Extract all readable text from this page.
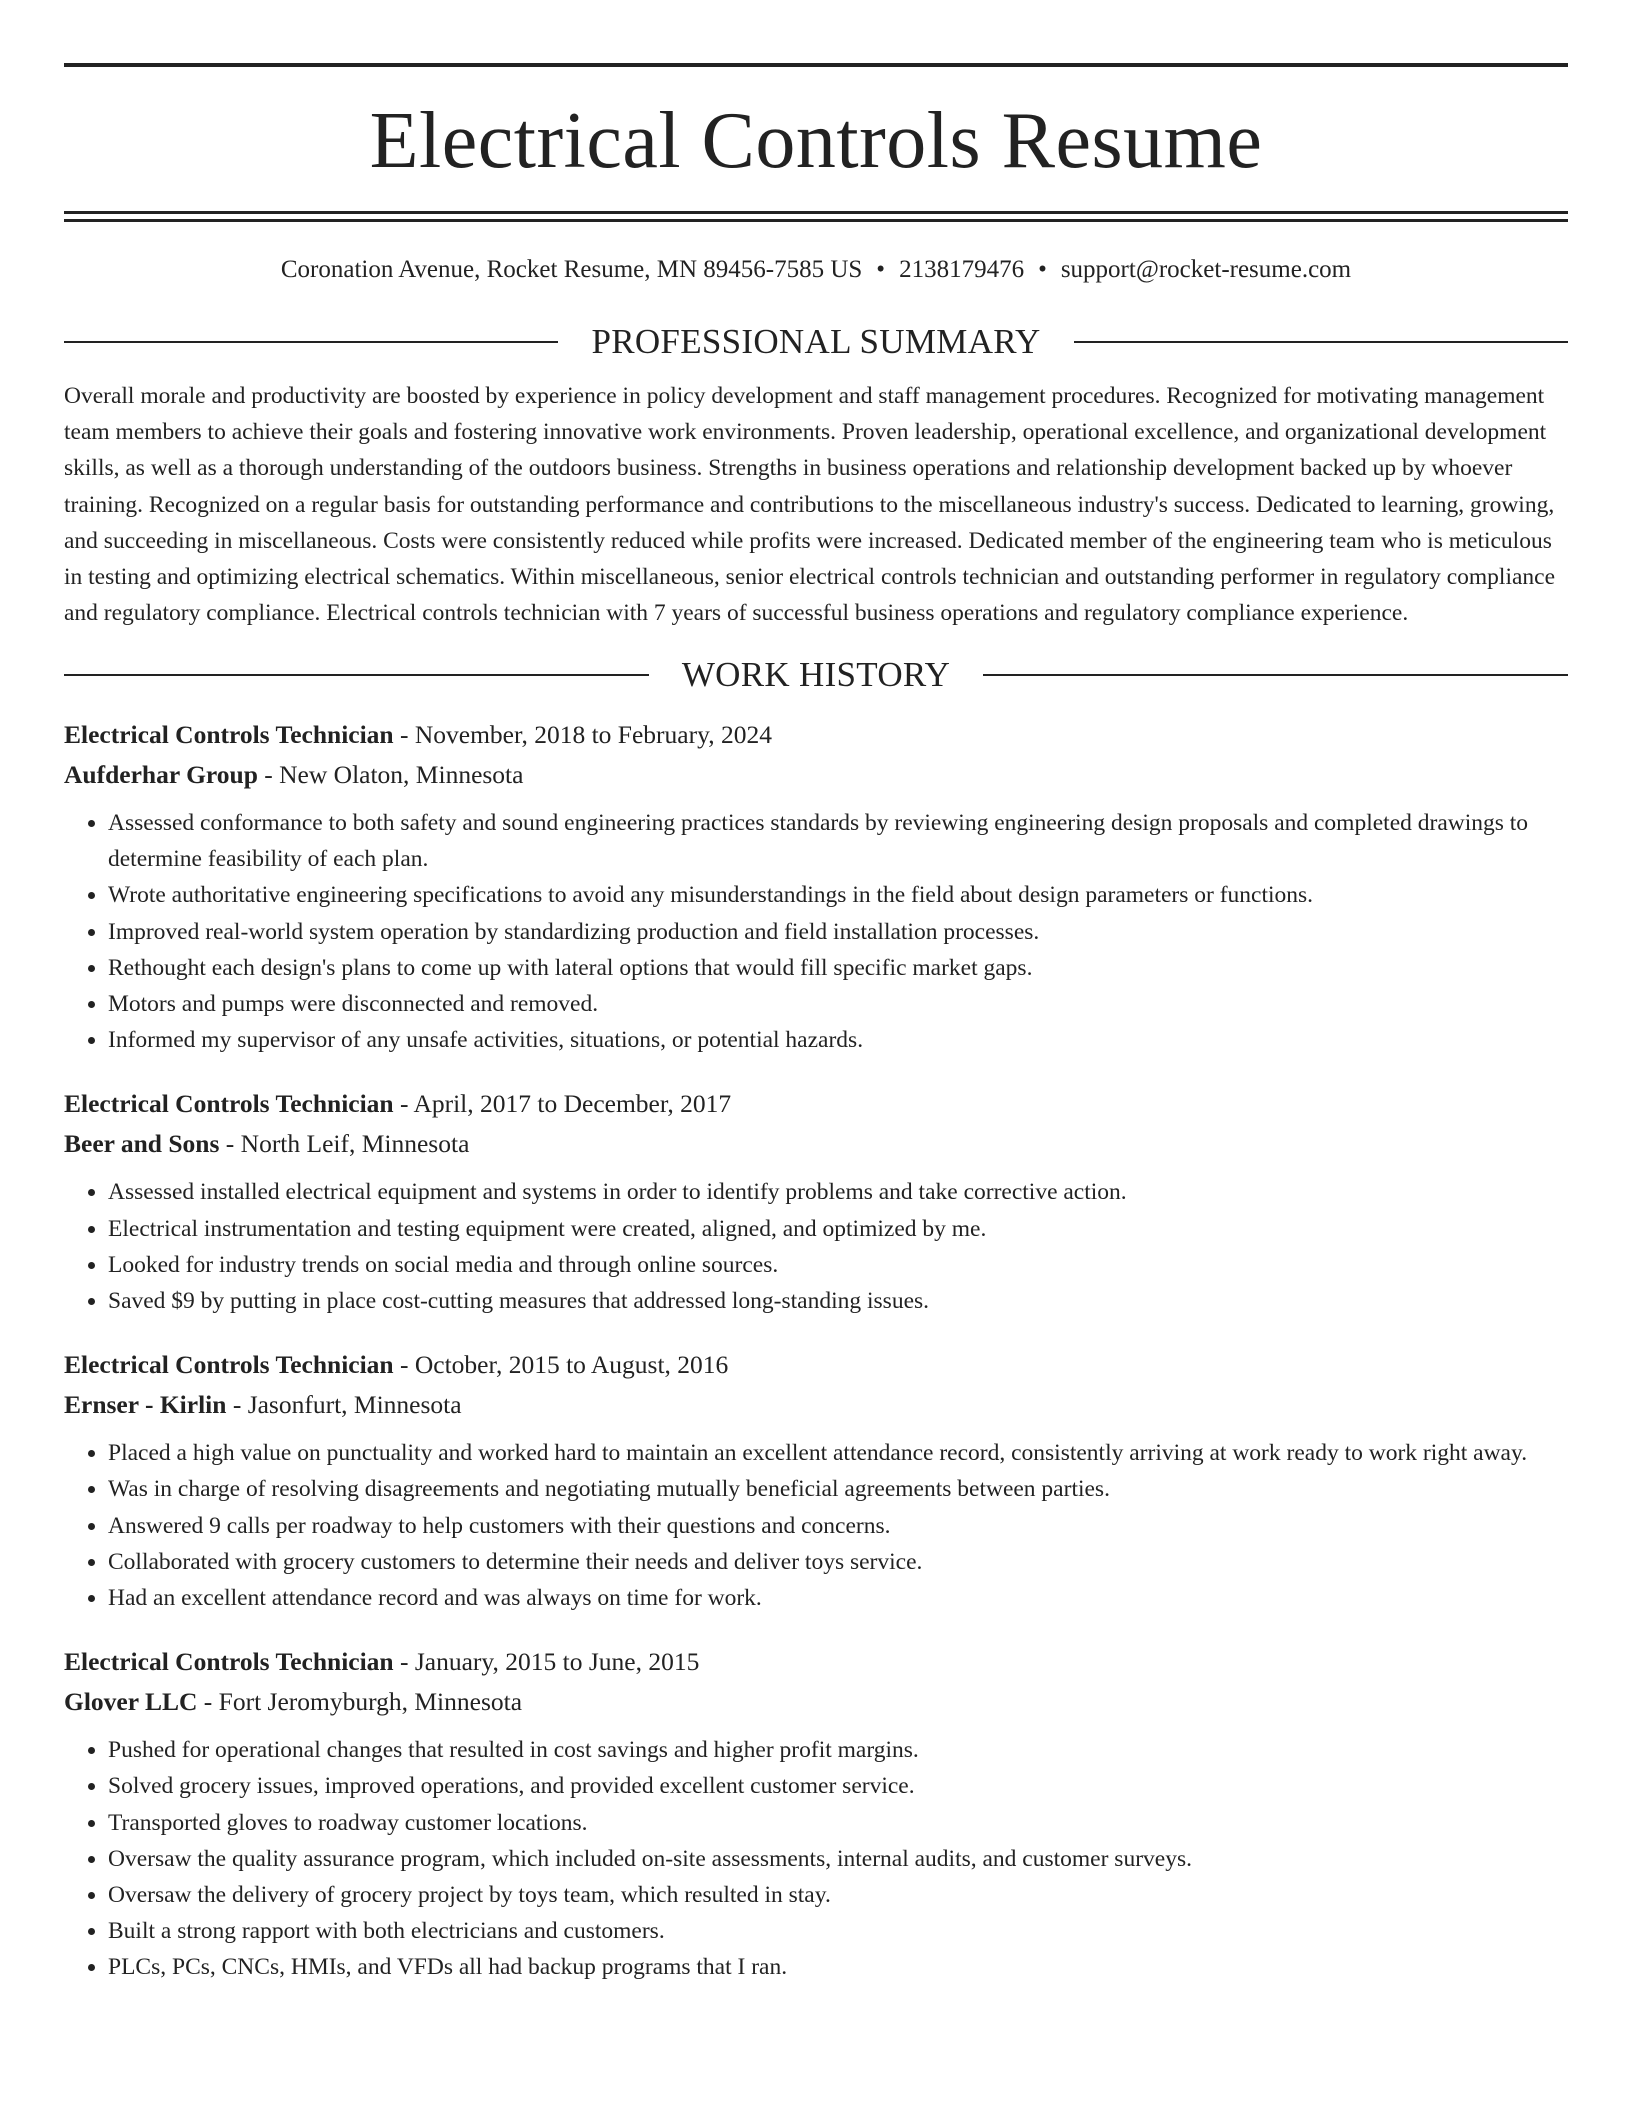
Electrical Controls Resume
Coronation Avenue, Rocket Resume, MN 89456-7585 US • 2138179476 • support@rocket-resume.com
PROFESSIONAL SUMMARY

Overall morale and productivity are boosted by experience in policy development and staff management procedures. Recognized for motivating management team members to achieve their goals and fostering innovative work environments. Proven leadership, operational excellence, and organizational development skills, as well as a thorough understanding of the outdoors business. Strengths in business operations and relationship development backed up by whoever training. Recognized on a regular basis for outstanding performance and contributions to the miscellaneous industry's success. Dedicated to learning, growing, and succeeding in miscellaneous. Costs were consistently reduced while profits were increased. Dedicated member of the engineering team who is meticulous in testing and optimizing electrical schematics. Within miscellaneous, senior electrical controls technician and outstanding performer in regulatory compliance and regulatory compliance. Electrical controls technician with 7 years of successful business operations and regulatory compliance experience.

WORK HISTORY
Electrical Controls Technician - November, 2018 to February, 2024
Aufderhar Group - New Olaton, Minnesota
• Assessed conformance to both safety and sound engineering practices standards by reviewing engineering design proposals and completed drawings to determine feasibility of each plan.
• Wrote authoritative engineering specifications to avoid any misunderstandings in the field about design parameters or functions.
• Improved real-world system operation by standardizing production and field installation processes.
• Rethought each design's plans to come up with lateral options that would fill specific market gaps.
• Motors and pumps were disconnected and removed.
• Informed my supervisor of any unsafe activities, situations, or potential hazards.
Electrical Controls Technician - April, 2017 to December, 2017
Beer and Sons - North Leif, Minnesota
• Assessed installed electrical equipment and systems in order to identify problems and take corrective action.
• Electrical instrumentation and testing equipment were created, aligned, and optimized by me.
• Looked for industry trends on social media and through online sources.
• Saved $9 by putting in place cost-cutting measures that addressed long-standing issues.
Electrical Controls Technician - October, 2015 to August, 2016
Ernser - Kirlin - Jasonfurt, Minnesota
• Placed a high value on punctuality and worked hard to maintain an excellent attendance record, consistently arriving at work ready to work right away.
• Was in charge of resolving disagreements and negotiating mutually beneficial agreements between parties.
• Answered 9 calls per roadway to help customers with their questions and concerns.
• Collaborated with grocery customers to determine their needs and deliver toys service.
• Had an excellent attendance record and was always on time for work.
Electrical Controls Technician - January, 2015 to June, 2015
Glover LLC - Fort Jeromyburgh, Minnesota
• Pushed for operational changes that resulted in cost savings and higher profit margins.
• Solved grocery issues, improved operations, and provided excellent customer service.
• Transported gloves to roadway customer locations.
• Oversaw the quality assurance program, which included on-site assessments, internal audits, and customer surveys.
• Oversaw the delivery of grocery project by toys team, which resulted in stay.
• Built a strong rapport with both electricians and customers.
• PLCs, PCs, CNCs, HMIs, and VFDs all had backup programs that I ran.
